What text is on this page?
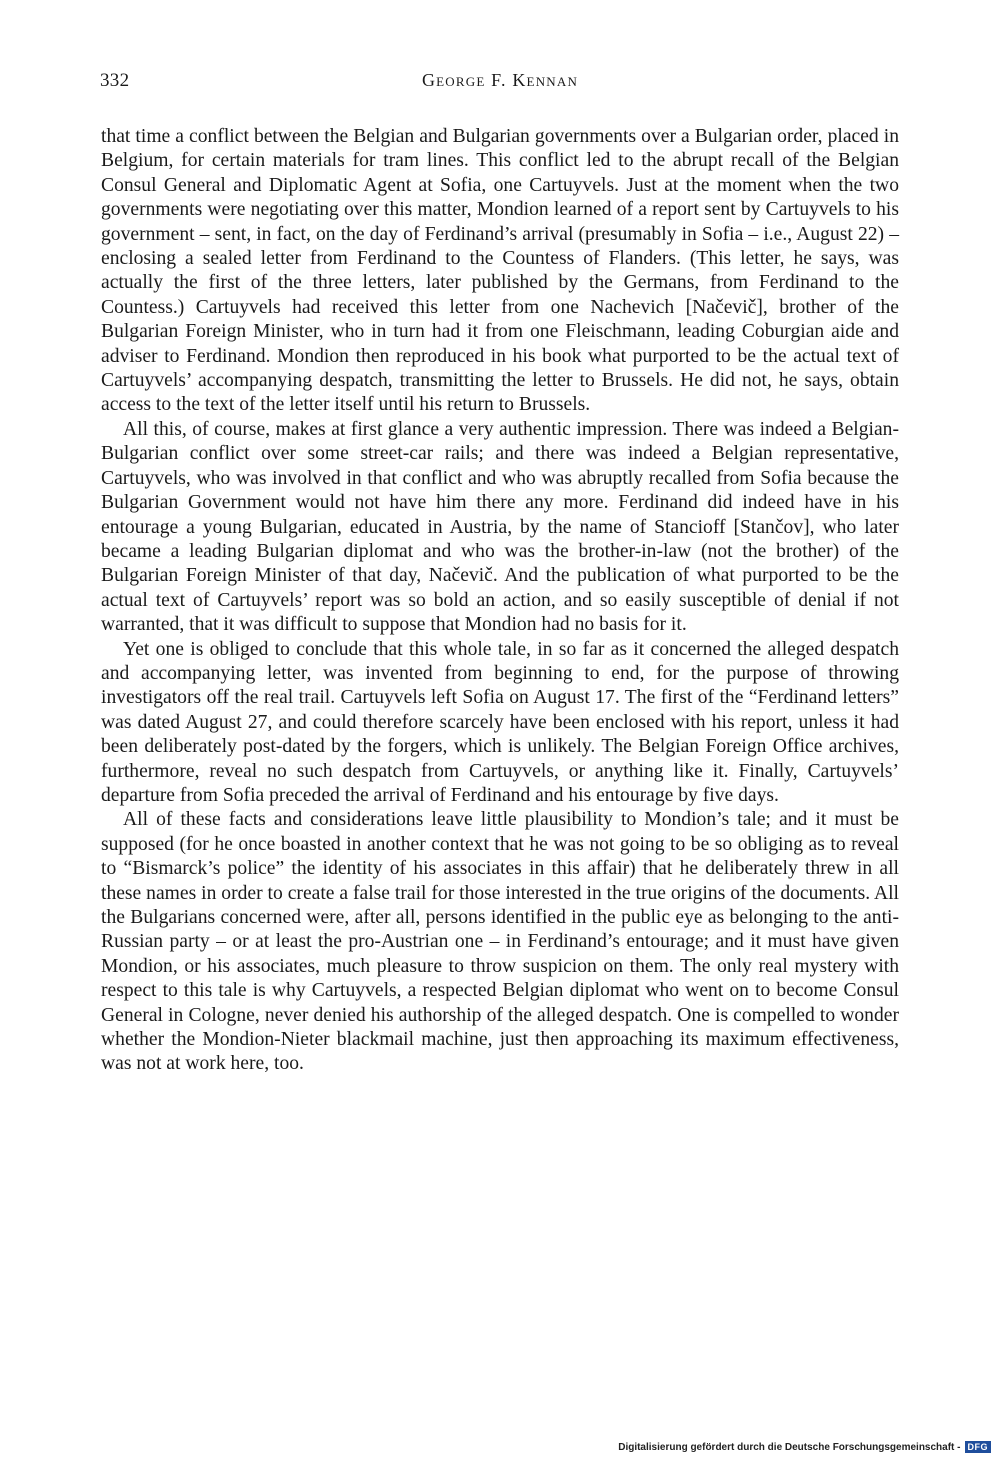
332	George F. Kennan

that time a conflict between the Belgian and Bulgarian governments over a Bulgarian order, placed in Belgium, for certain materials for tram lines. This conflict led to the abrupt recall of the Belgian Consul General and Diplomatic Agent at Sofia, one Cartuyvels. Just at the moment when the two governments were negotiating over this matter, Mondion learned of a report sent by Cartuyvels to his government – sent, in fact, on the day of Ferdinand’s arrival (presumably in Sofia – i.e., August 22) – enclosing a sealed letter from Ferdinand to the Countess of Flanders. (This letter, he says, was actually the first of the three letters, later published by the Germans, from Ferdinand to the Countess.) Cartuyvels had received this letter from one Nachevich [Načevič], brother of the Bulgarian Foreign Minister, who in turn had it from one Fleischmann, leading Coburgian aide and adviser to Ferdinand. Mondion then reproduced in his book what purported to be the actual text of Cartuyvels’ accompanying despatch, transmitting the letter to Brussels. He did not, he says, obtain access to the text of the letter itself until his return to Brussels.

All this, of course, makes at first glance a very authentic impression. There was indeed a Belgian-Bulgarian conflict over some street-car rails; and there was indeed a Belgian representative, Cartuyvels, who was involved in that conflict and who was abruptly recalled from Sofia because the Bulgarian Government would not have him there any more. Ferdinand did indeed have in his entourage a young Bulgarian, educated in Austria, by the name of Stancioff [Stančov], who later became a leading Bulgarian diplomat and who was the brother-in-law (not the brother) of the Bulgarian Foreign Minister of that day, Načevič. And the publication of what purported to be the actual text of Cartuyvels’ report was so bold an action, and so easily susceptible of denial if not warranted, that it was difficult to suppose that Mondion had no basis for it.

Yet one is obliged to conclude that this whole tale, in so far as it concerned the alleged despatch and accompanying letter, was invented from beginning to end, for the purpose of throwing investigators off the real trail. Cartuyvels left Sofia on August 17. The first of the “Ferdinand letters” was dated August 27, and could therefore scarcely have been enclosed with his report, unless it had been deliberately post-dated by the forgers, which is unlikely. The Belgian Foreign Office archives, furthermore, reveal no such despatch from Cartuyvels, or anything like it. Finally, Cartuyvels’ departure from Sofia preceded the arrival of Ferdinand and his entourage by five days.

All of these facts and considerations leave little plausibility to Mondion’s tale; and it must be supposed (for he once boasted in another context that he was not going to be so obliging as to reveal to “Bismarck’s police” the identity of his associates in this affair) that he deliberately threw in all these names in order to create a false trail for those interested in the true origins of the documents. All the Bulgarians concerned were, after all, persons identified in the public eye as belonging to the anti-Russian party – or at least the pro-Austrian one – in Ferdinand’s entourage; and it must have given Mondion, or his associates, much pleasure to throw suspicion on them. The only real mystery with respect to this tale is why Cartuyvels, a respected Belgian diplomat who went on to become Consul General in Cologne, never denied his authorship of the alleged despatch. One is compelled to wonder whether the Mondion-Nieter blackmail machine, just then approaching its maximum effectiveness, was not at work here, too.

Digitalisierung gefördert durch die Deutsche Forschungsgemeinschaft - DFG
